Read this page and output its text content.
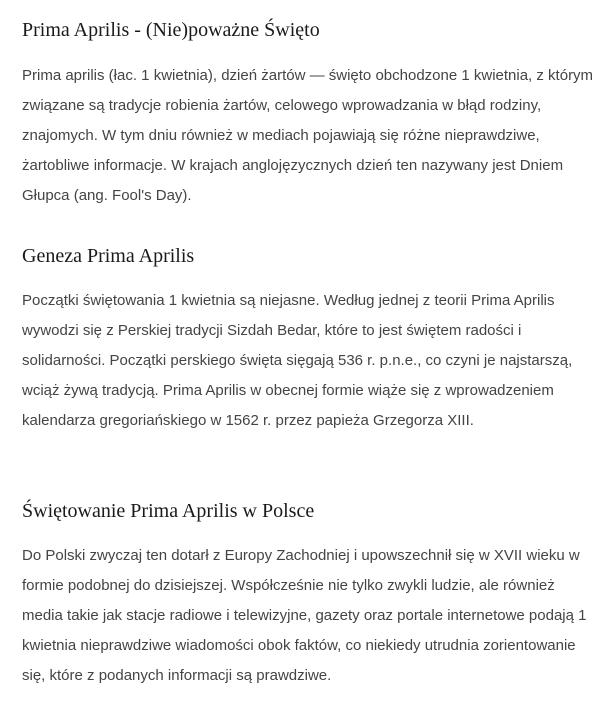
Prima Aprilis - (Nie)poważne Święto

Prima aprilis (łac. 1 kwietnia), dzień żartów — święto obchodzone 1 kwietnia, z którym związane są tradycje robienia żartów, celowego wprowadzania w błąd rodziny, znajomych. W tym dniu również w mediach pojawiają się różne nieprawdziwe, żartobliwe informacje. W krajach anglojęzycznych dzień ten nazywany jest Dniem Głupca (ang. Fool's Day).

Geneza Prima Aprilis

Początki świętowania 1 kwietnia są niejasne. Według jednej z teorii Prima Aprilis wywodzi się z Perskiej tradycji Sizdah Bedar, które to jest świętem radości i solidarności. Początki perskiego święta sięgają 536 r. p.n.e., co czyni je najstarszą, wciąż żywą tradycją. Prima Aprilis w obecnej formie wiąże się z wprowadzeniem kalendarza gregoriańskiego w 1562 r. przez papieża Grzegorza XIII.

Świętowanie Prima Aprilis w Polsce

Do Polski zwyczaj ten dotarł z Europy Zachodniej i upowszechnił się w XVII wieku w formie podobnej do dzisiejszej. Współcześnie nie tylko zwykli ludzie, ale również media takie jak stacje radiowe i telewizyjne, gazety oraz portale internetowe podają 1 kwietnia nieprawdziwe wiadomości obok faktów, co niekiedy utrudnia zorientowanie się, które z podanych informacji są prawdziwe.
